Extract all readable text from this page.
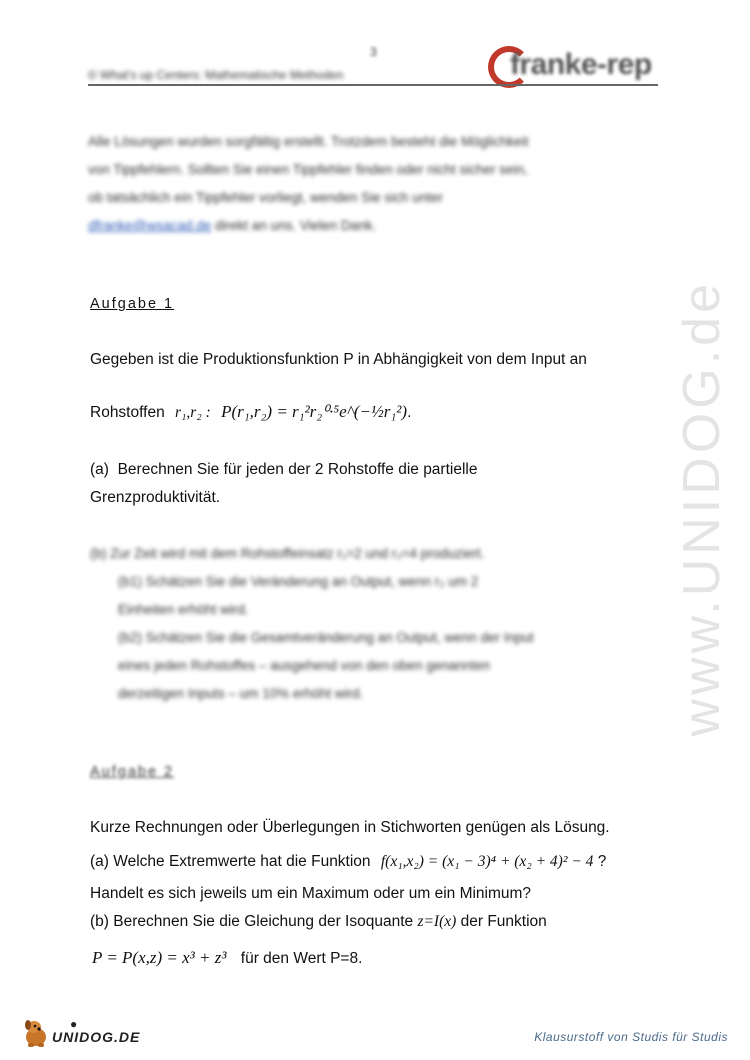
3
© What's up Centers: Mathematische Methoden	franke-rep
Alle Lösungen wurden sorgfältig erstellt. Trotzdem besteht die Möglichkeit
von Tippfehlern. Sollten Sie einen Tippfehler finden oder nicht sicher sein,
ob tatsächlich ein Tippfehler vorliegt, wenden Sie sich unter
dfranke@wsacad.de direkt an uns. Vielen Dank.
Aufgabe 1
Gegeben ist die Produktionsfunktion P in Abhängigkeit von dem Input an
Rohstoffen r₁,r₂ : P(r₁,r₂) = r₁²r₂⁰·⁵e^(−½r₁²).
(a) Berechnen Sie für jeden der 2 Rohstoffe die partielle
Grenzproduktivität.
(b) Zur Zeit wird mit dem Rohstoffeinsatz r₁=2 und r₂=4 produziert.
(b1) Schätzen Sie die Veränderung an Output, wenn r₂ um 2
Einheiten erhöht wird.
(b2) Schätzen Sie die Gesamtveränderung an Output, wenn der Input
eines jeden Rohstoffes – ausgehend von den oben genannten
derzeitigen Inputs – um 10% erhöht wird.
Aufgabe 2
Kurze Rechnungen oder Überlegungen in Stichworten genügen als Lösung.
(a) Welche Extremwerte hat die Funktion f(x₁,x₂) = (x₁ − 3)⁴ + (x₂ + 4)² − 4 ?
Handelt es sich jeweils um ein Maximum oder um ein Minimum?
(b) Berechnen Sie die Gleichung der Isoquante z=I(x) der Funktion
P = P(x,z) = x³ + z³ für den Wert P=8.
www.UNIDOG.de
●
UNIDOG.DE	Klausurstoff von Studis für Studis
